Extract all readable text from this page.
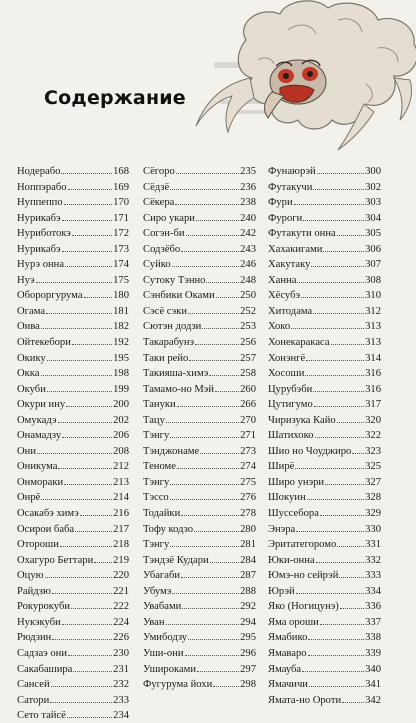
Содержание
Нодерабо	168
Ноппэрабо	169
Нуппеппо	170
Нурикабэ	171
Нуриботокэ	172
Нурикабэ	173
Нурэ онна	174
Нуэ	175
Обороргурума	180
Огама	181
Оива	182
Ойтекебори	192
Окику	195
Окка	198
Окуби	199
Окури ину	200
Омукадэ	202
Онамадзу	206
Они	208
Оникума	212
Онмораки	213
Онрё	214
Осакабэ химэ	216
Осирои баба	217
Отороши	218
Охагуро Беттари 219
Оцую	220
Райдзю	221
Рокурокуби	222
Нукэкуби	224
Рюдзин	226
Садзаэ они	230
Сакабашира	231
Сансей	232
Сатори	233
Сето тайсё	234
Сёгоро	235
Сёдзё	236
Сёкера	238
Сиро укари	240
Согэн-би	242
Содзёбо	243
Суйко	246
Сутоку Тэнно	248
Сэнбики Оками 250
Сэсё сэки	252
Сютэн додзи	253
Такарабунэ	256
Таки рейо	257
Такияша-химэ	258
Тамамо-но Мэй 260
Тануки	266
Тацу	270
Тэнгу	271
Тэнджонаме	273
Теноме	274
Тэнгу	275
Тэссо	276
Тодайки	278
Тофу кодзо	280
Тэнгу	281
Тэндзё Кудари	284
Убагаби	287
Убумэ	288
Увабами	292
Уван	294
Умибодзу	295
Уши-они	296
Ушироками	297
Фугурума йохи	298
Фунаюрэй	300
Футакучи	302
Фури	303
Фуроги	304
Футакути онна	305
Хахакигами	306
Хакутаку	307
Ханна	308
Хёсубэ	310
Хитодама	312
Хоко	313
Хонекаракаса	313
Хонэнгё	314
Хосоши	316
Цурубэби	316
Цутигумо	317
Чиризука Кайо	320
Шатихоко	322
Шио но Чоуджиро 323
Ширё	325
Широ унэри	327
Шокуин	328
Шуссебора	329
Энэра	330
Эритатегоромо	331
Юки-онна	332
Юмэ-но сейрэй	333
Юрэй	334
Яко (Ногицунэ) 336
Яма ороши	337
Ямабико	338
Ямаваро	339
Ямауба	340
Ямачичи	341
Ямата-но Ороти 342
